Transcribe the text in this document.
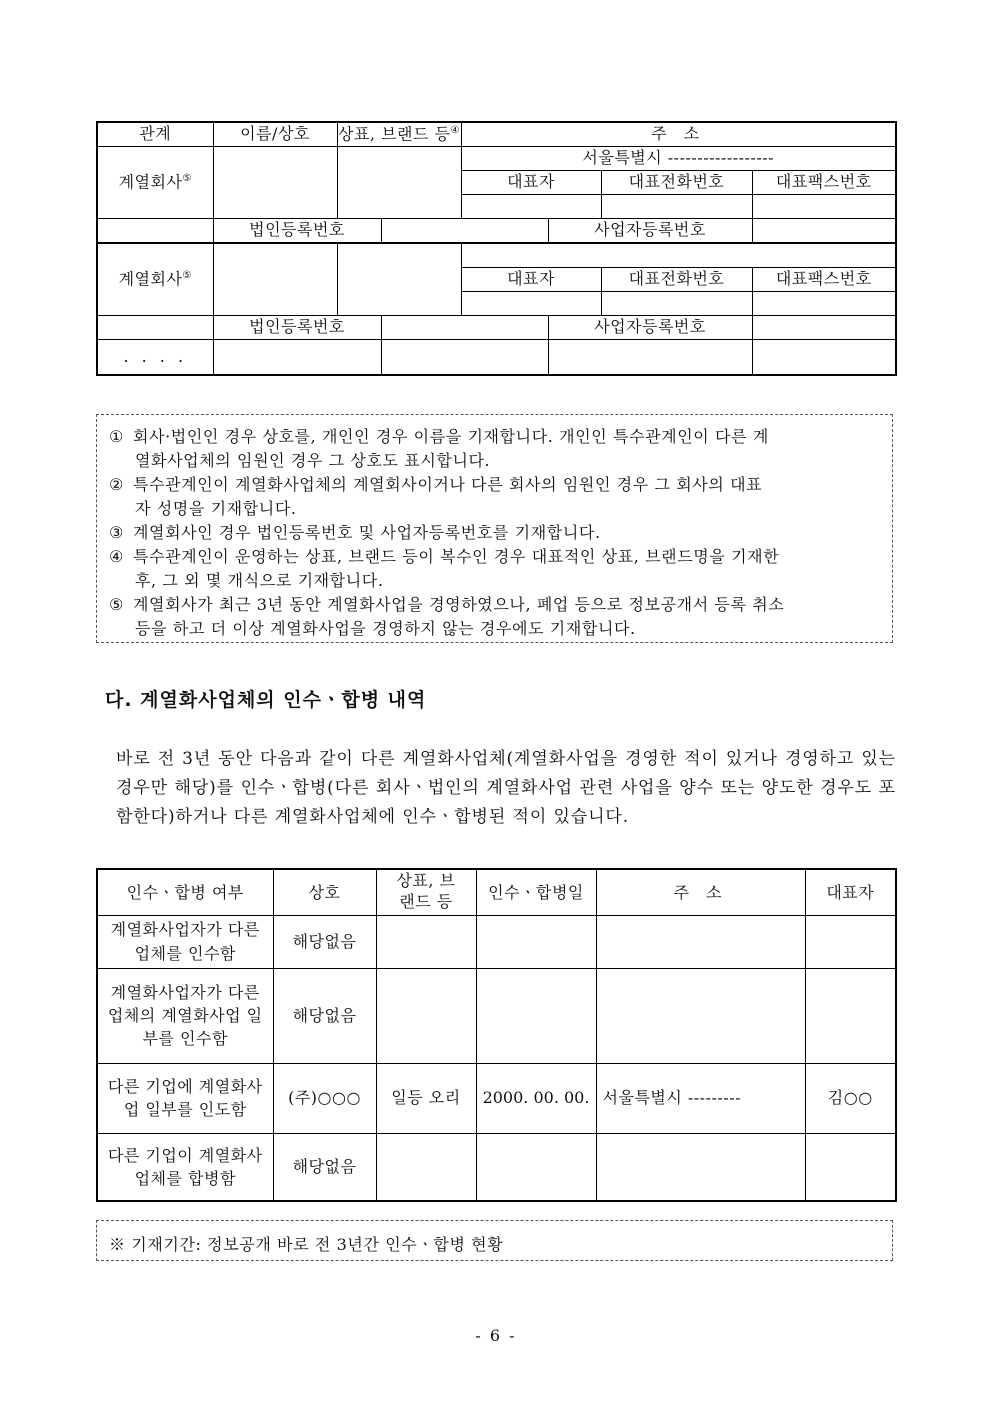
관계	이름/상호	상표, 브랜드 등④		주 소			
계열회사⑤				서울특별시 ------------------			
				대표자		대표전화번호	대표팩스번호

	법인등록번호				사업자등록번호		
계열회사⑤			
				대표자		대표전화번호	대표팩스번호

	법인등록번호				사업자등록번호		
. . . .							
① 회사·법인인 경우 상호를, 개인인 경우 이름을 기재합니다. 개인인 특수관계인이 다른 계
열화사업체의 임원인 경우 그 상호도 표시합니다.
② 특수관계인이 계열화사업체의 계열회사이거나 다른 회사의 임원인 경우 그 회사의 대표
자 성명을 기재합니다.
③ 계열회사인 경우 법인등록번호 및 사업자등록번호를 기재합니다.
④ 특수관계인이 운영하는 상표, 브랜드 등이 복수인 경우 대표적인 상표, 브랜드명을 기재한
후, 그 외 몇 개식으로 기재합니다.
⑤ 계열회사가 최근 3년 동안 계열화사업을 경영하였으나, 폐업 등으로 정보공개서 등록 취소
등을 하고 더 이상 계열화사업을 경영하지 않는 경우에도 기재합니다.
다. 계열화사업체의 인수ㆍ합병 내역
바로 전 3년 동안 다음과 같이 다른 계열화사업체(계열화사업을 경영한 적이 있거나 경영하고 있는 경우만 해당)를 인수ㆍ합병(다른 회사ㆍ법인의 계열화사업 관련 사업을 양수 또는 양도한 경우도 포함한다)하거나 다른 계열화사업체에 인수ㆍ합병된 적이 있습니다.
인수ㆍ합병 여부	상호	상표, 브랜드 등	인수ㆍ합병일	주 소	대표자
계열화사업자가 다른 업체를 인수함	해당없음				
계열화사업자가 다른 업체의 계열화사업 일부를 인수함	해당없음				
다른 기업에 계열화사업 일부를 인도함	(주)○○○	일등 오리	2000. 00. 00.	서울특별시 ---------	김○○
다른 기업이 계열화사업체를 합병함	해당없음				
※ 기재기간: 정보공개 바로 전 3년간 인수ㆍ합병 현황
- 6 -
